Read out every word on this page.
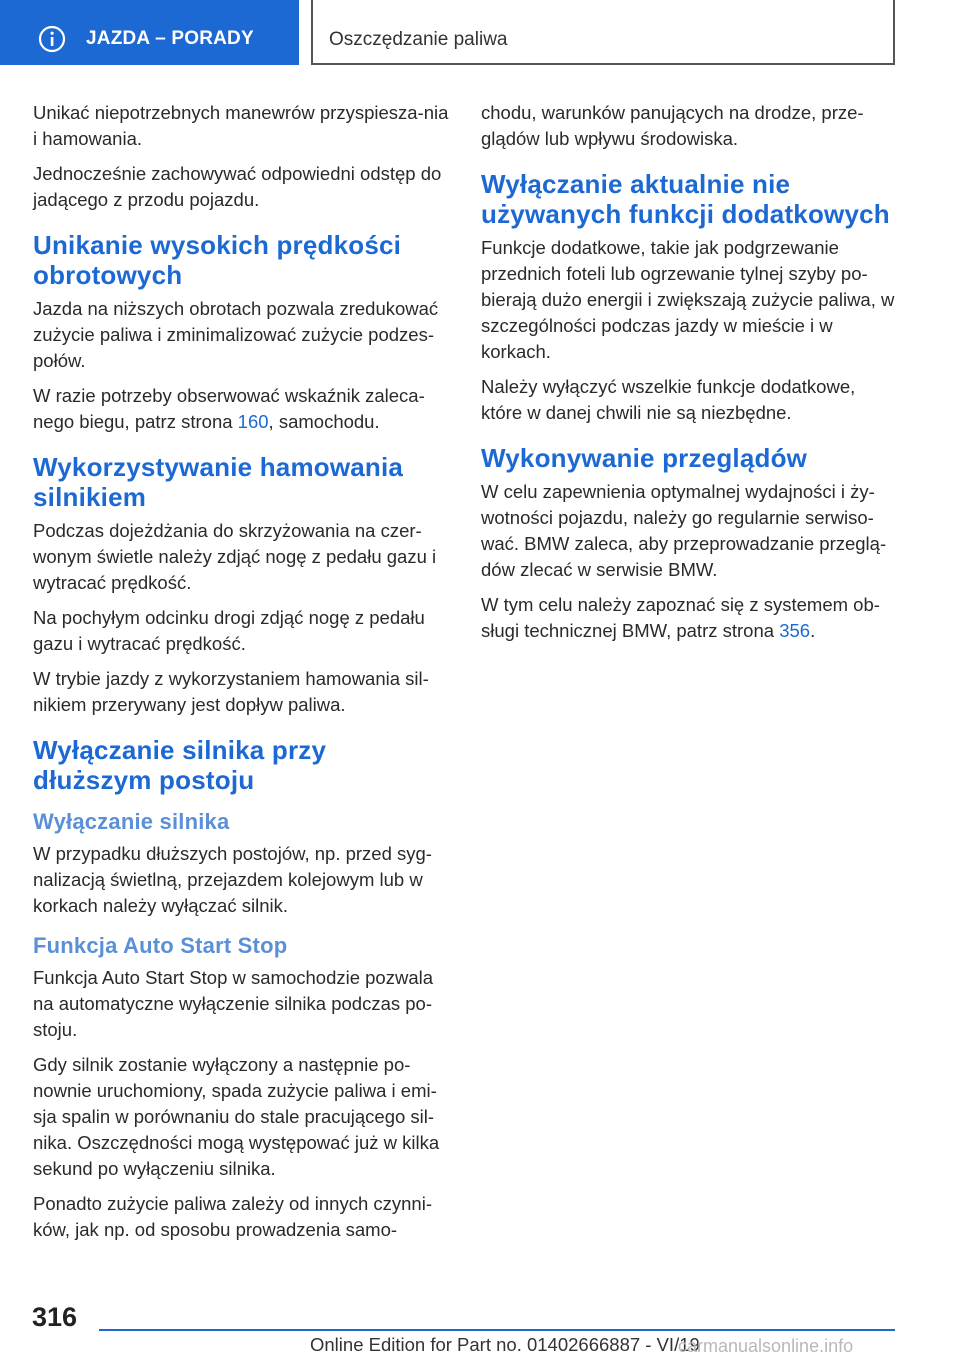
JAZDA – PORADY	Oszczędzanie paliwa

Unikać niepotrzebnych manewrów przyspiesza‐nia i hamowania.

Jednocześnie zachowywać odpowiedni odstęp do jadącego z przodu pojazdu.

Unikanie wysokich prędkości obrotowych

Jazda na niższych obrotach pozwala zredukować zużycie paliwa i zminimalizować zużycie podzes‐połów.

W razie potrzeby obserwować wskaźnik zaleca‐nego biegu, patrz strona 160, samochodu.

Wykorzystywanie hamowania silnikiem

Podczas dojeżdżania do skrzyżowania na czer‐wonym świetle należy zdjąć nogę z pedału gazu i wytracać prędkość.

Na pochyłym odcinku drogi zdjąć nogę z pedału gazu i wytracać prędkość.

W trybie jazdy z wykorzystaniem hamowania sil‐nikiem przerywany jest dopływ paliwa.

Wyłączanie silnika przy dłuższym postoju
Wyłączanie silnika

W przypadku dłuższych postojów, np. przed syg‐nalizacją świetlną, przejazdem kolejowym lub w korkach należy wyłączać silnik.

Funkcja Auto Start Stop

Funkcja Auto Start Stop w samochodzie pozwala na automatyczne wyłączenie silnika podczas po‐stoju.

Gdy silnik zostanie wyłączony a następnie po‐nownie uruchomiony, spada zużycie paliwa i emi‐sja spalin w porównaniu do stale pracującego sil‐nika. Oszczędności mogą występować już w kilka sekund po wyłączeniu silnika.

Ponadto zużycie paliwa zależy od innych czynni‐ków, jak np. od sposobu prowadzenia samo‐

chodu, warunków panujących na drodze, prze‐glądów lub wpływu środowiska.

Wyłączanie aktualnie nie używanych funkcji dodatkowych

Funkcje dodatkowe, takie jak podgrzewanie przednich foteli lub ogrzewanie tylnej szyby po‐bierają dużo energii i zwiększają zużycie paliwa, w szczególności podczas jazdy w mieście i w korkach.

Należy wyłączyć wszelkie funkcje dodatkowe, które w danej chwili nie są niezbędne.

Wykonywanie przeglądów

W celu zapewnienia optymalnej wydajności i ży‐wotności pojazdu, należy go regularnie serwiso‐wać. BMW zaleca, aby przeprowadzanie przeglą‐dów zlecać w serwisie BMW.

W tym celu należy zapoznać się z systemem ob‐sługi technicznej BMW, patrz strona 356.

316
Online Edition for Part no. 01402666887 - VI/19
carmanualsonline.info
